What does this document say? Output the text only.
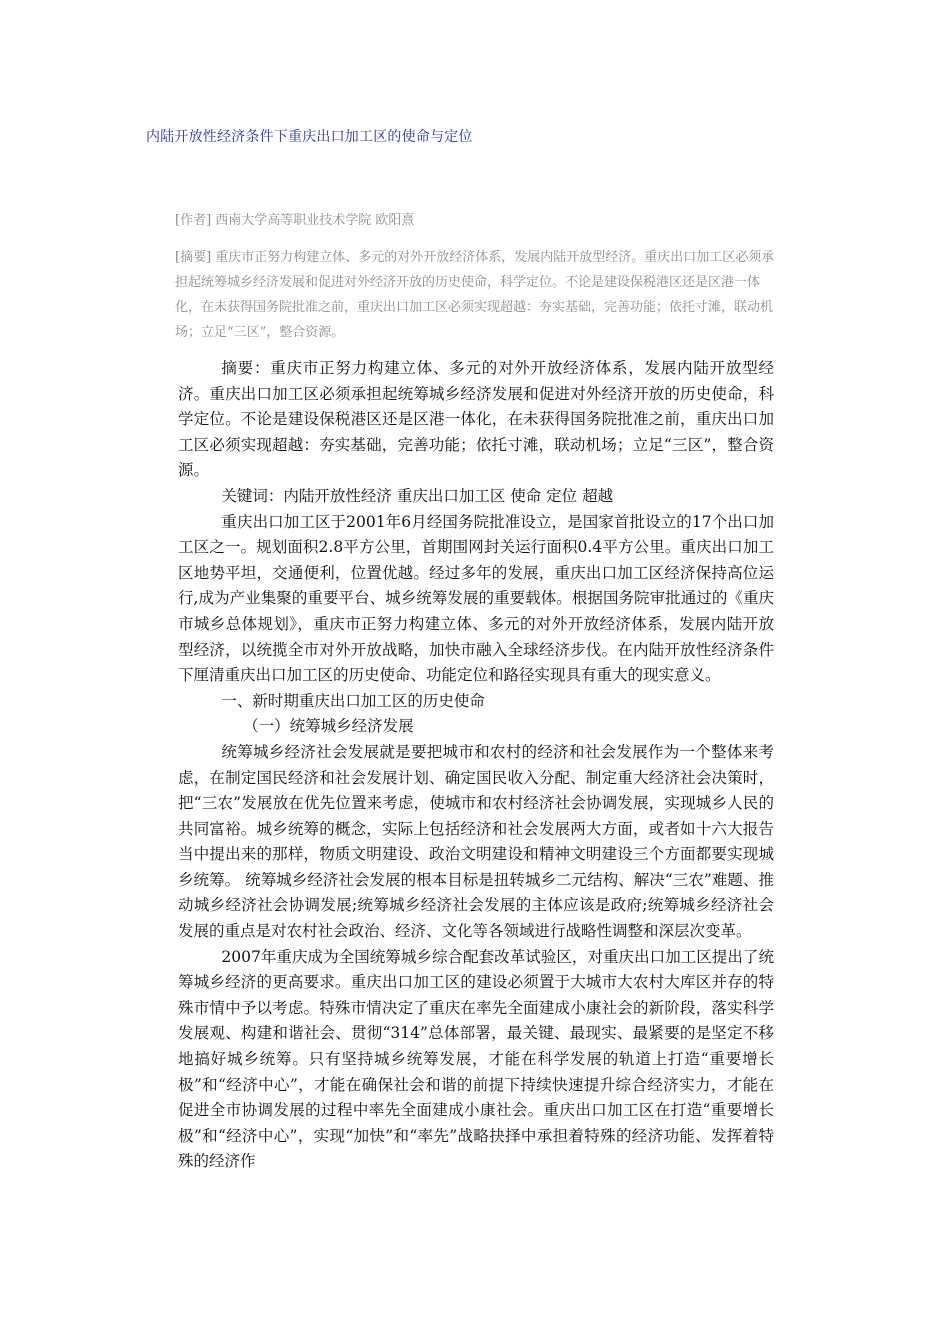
内陆开放性经济条件下重庆出口加工区的使命与定位
[作者] 西南大学高等职业技术学院 欧阳熹
[摘要] 重庆市正努力构建立体、多元的对外开放经济体系，发展内陆开放型经济。重庆出口加工区必须承担起统筹城乡经济发展和促进对外经济开放的历史使命，科学定位。不论是建设保税港区还是区港一体化，在未获得国务院批准之前，重庆出口加工区必须实现超越：夯实基础，完善功能；依托寸滩，联动机场；立足“三区”，整合资源。

摘要：重庆市正努力构建立体、多元的对外开放经济体系，发展内陆开放型经济。重庆出口加工区必须承担起统筹城乡经济发展和促进对外经济开放的历史使命，科学定位。不论是建设保税港区还是区港一体化，在未获得国务院批准之前，重庆出口加工区必须实现超越：夯实基础，完善功能；依托寸滩，联动机场；立足“三区”，整合资源。

关键词：内陆开放性经济 重庆出口加工区 使命 定位 超越

重庆出口加工区于2001年6月经国务院批准设立，是国家首批设立的17个出口加工区之一。规划面积2.8平方公里，首期围网封关运行面积0.4平方公里。重庆出口加工区地势平坦，交通便利，位置优越。经过多年的发展，重庆出口加工区经济保持高位运行,成为产业集聚的重要平台、城乡统筹发展的重要载体。根据国务院审批通过的《重庆市城乡总体规划》，重庆市正努力构建立体、多元的对外开放经济体系，发展内陆开放型经济，以统揽全市对外开放战略，加快市融入全球经济步伐。在内陆开放性经济条件下厘清重庆出口加工区的历史使命、功能定位和路径实现具有重大的现实意义。

一、新时期重庆出口加工区的历史使命

（一）统筹城乡经济发展

统筹城乡经济社会发展就是要把城市和农村的经济和社会发展作为一个整体来考虑，在制定国民经济和社会发展计划、确定国民收入分配、制定重大经济社会决策时，把“三农”发展放在优先位置来考虑，使城市和农村经济社会协调发展，实现城乡人民的共同富裕。城乡统筹的概念，实际上包括经济和社会发展两大方面，或者如十六大报告当中提出来的那样，物质文明建设、政治文明建设和精神文明建设三个方面都要实现城乡统筹。 统筹城乡经济社会发展的根本目标是扭转城乡二元结构、解决“三农”难题、推动城乡经济社会协调发展;统筹城乡经济社会发展的主体应该是政府;统筹城乡经济社会发展的重点是对农村社会政治、经济、文化等各领域进行战略性调整和深层次变革。

2007年重庆成为全国统筹城乡综合配套改革试验区，对重庆出口加工区提出了统筹城乡经济的更高要求。重庆出口加工区的建设必须置于大城市大农村大库区并存的特殊市情中予以考虑。特殊市情决定了重庆在率先全面建成小康社会的新阶段，落实科学发展观、构建和谐社会、贯彻“314”总体部署，最关键、最现实、最紧要的是坚定不移地搞好城乡统筹。只有坚持城乡统筹发展，才能在科学发展的轨道上打造“重要增长极”和“经济中心”，才能在确保社会和谐的前提下持续快速提升综合经济实力，才能在促进全市协调发展的过程中率先全面建成小康社会。重庆出口加工区在打造“重要增长极”和“经济中心”，实现“加快”和“率先”战略抉择中承担着特殊的经济功能、发挥着特殊的经济作
